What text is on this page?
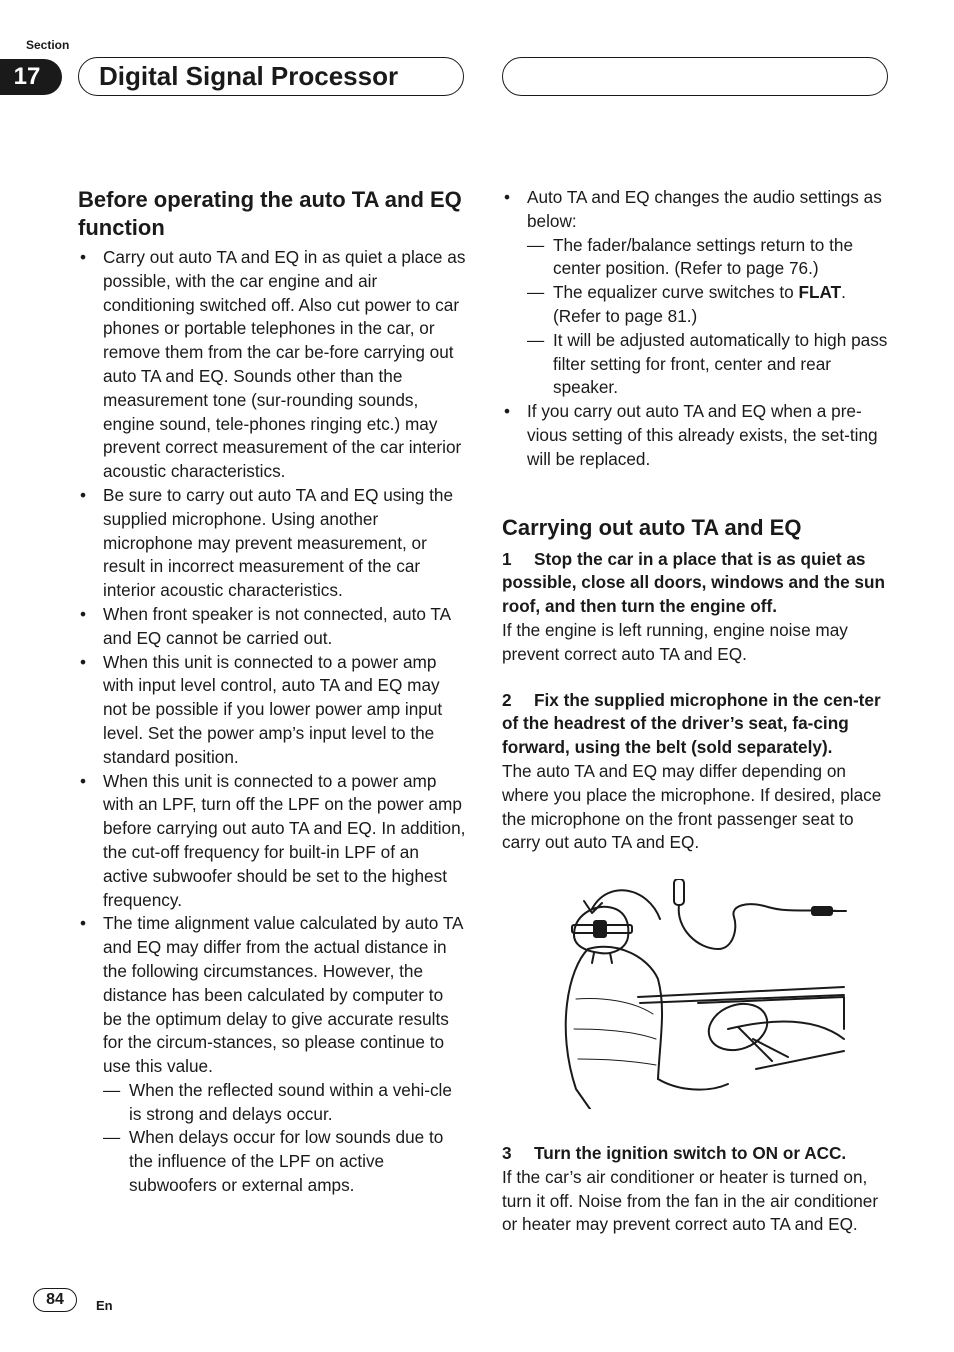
Section
17	Digital Signal Processor
Before operating the auto TA and EQ function
• Carry out auto TA and EQ in as quiet a place as possible, with the car engine and air conditioning switched off. Also cut power to car phones or portable telephones in the car, or remove them from the car be-fore carrying out auto TA and EQ. Sounds other than the measurement tone (sur-rounding sounds, engine sound, tele-phones ringing etc.) may prevent correct measurement of the car interior acoustic characteristics.
• Be sure to carry out auto TA and EQ using the supplied microphone. Using another microphone may prevent measurement, or result in incorrect measurement of the car interior acoustic characteristics.
• When front speaker is not connected, auto TA and EQ cannot be carried out.
• When this unit is connected to a power amp with input level control, auto TA and EQ may not be possible if you lower power amp input level. Set the power amp’s input level to the standard position.
• When this unit is connected to a power amp with an LPF, turn off the LPF on the power amp before carrying out auto TA and EQ. In addition, the cut-off frequency for built-in LPF of an active subwoofer should be set to the highest frequency.
• The time alignment value calculated by auto TA and EQ may differ from the actual distance in the following circumstances. However, the distance has been calculated by computer to be the optimum delay to give accurate results for the circum-stances, so please continue to use this value.
— When the reflected sound within a vehi-cle is strong and delays occur.
— When delays occur for low sounds due to the influence of the LPF on active subwoofers or external amps.
• Auto TA and EQ changes the audio settings as below:
— The fader/balance settings return to the center position. (Refer to page 76.)
— The equalizer curve switches to FLAT. (Refer to page 81.)
— It will be adjusted automatically to high pass filter setting for front, center and rear speaker.
• If you carry out auto TA and EQ when a pre-vious setting of this already exists, the set-ting will be replaced.
Carrying out auto TA and EQ

1 Stop the car in a place that is as quiet as possible, close all doors, windows and the sun roof, and then turn the engine off.

If the engine is left running, engine noise may prevent correct auto TA and EQ.

2 Fix the supplied microphone in the cen-ter of the headrest of the driver’s seat, fa-cing forward, using the belt (sold separately).

The auto TA and EQ may differ depending on where you place the microphone. If desired, place the microphone on the front passenger seat to carry out auto TA and EQ.

3 Turn the ignition switch to ON or ACC.

If the car’s air conditioner or heater is turned on, turn it off. Noise from the fan in the air conditioner or heater may prevent correct auto TA and EQ.

84	En
